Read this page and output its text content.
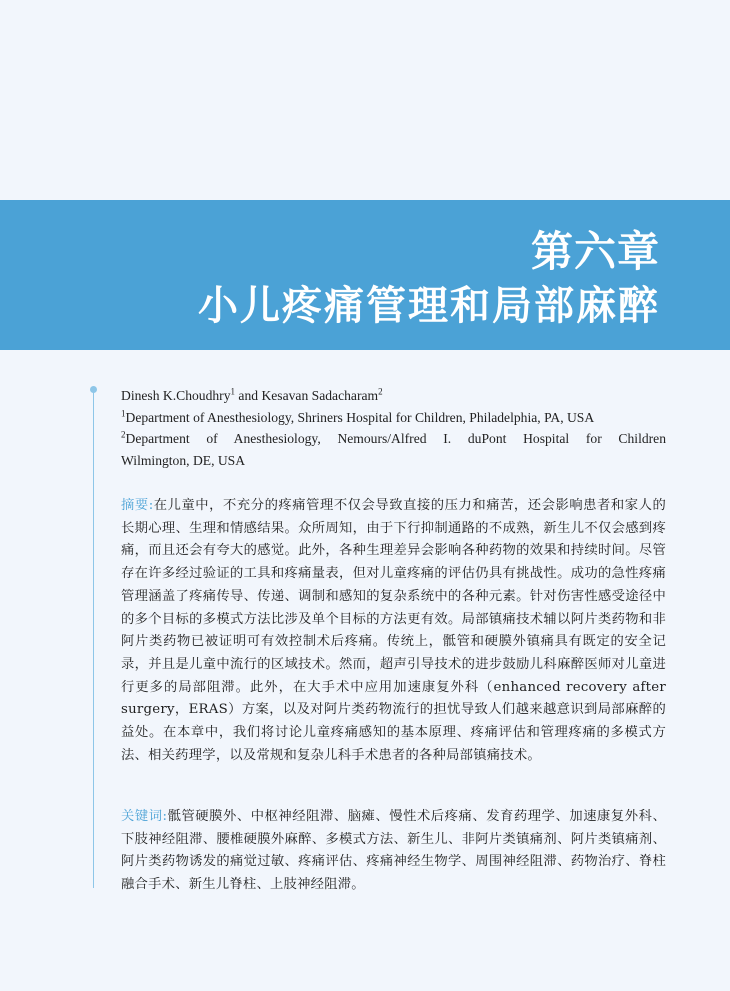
第六章
小儿疼痛管理和局部麻醉

Dinesh K.Choudhry$^1$ and Kesavan Sadacharam$^2$

$^1$Department of Anesthesiology, Shriners Hospital for Children, Philadelphia, PA, USA

$^2$Department of Anesthesiology, Nemours/Alfred I. duPont Hospital for Children

Wilmington, DE, USA

摘要:在儿童中，不充分的疼痛管理不仅会导致直接的压力和痛苦，还会影响患者和家人的长期心理、生理和情感结果。众所周知，由于下行抑制通路的不成熟，新生儿不仅会感到疼痛，而且还会有夸大的感觉。此外，各种生理差异会影响各种药物的效果和持续时间。尽管存在许多经过验证的工具和疼痛量表，但对儿童疼痛的评估仍具有挑战性。成功的急性疼痛管理涵盖了疼痛传导、传递、调制和感知的复杂系统中的各种元素。针对伤害性感受途径中的多个目标的多模式方法比涉及单个目标的方法更有效。局部镇痛技术辅以阿片类药物和非阿片类药物已被证明可有效控制术后疼痛。传统上，骶管和硬膜外镇痛具有既定的安全记录，并且是儿童中流行的区域技术。然而，超声引导技术的进步鼓励儿科麻醉医师对儿童进行更多的局部阻滞。此外，在大手术中应用加速康复外科（enhanced recovery after surgery，ERAS）方案，以及对阿片类药物流行的担忧导致人们越来越意识到局部麻醉的益处。在本章中，我们将讨论儿童疼痛感知的基本原理、疼痛评估和管理疼痛的多模式方法、相关药理学，以及常规和复杂儿科手术患者的各种局部镇痛技术。
关键词:骶管硬膜外、中枢神经阻滞、脑瘫、慢性术后疼痛、发育药理学、加速康复外科、下肢神经阻滞、腰椎硬膜外麻醉、多模式方法、新生儿、非阿片类镇痛剂、阿片类镇痛剂、阿片类药物诱发的痛觉过敏、疼痛评估、疼痛神经生物学、周围神经阻滞、药物治疗、脊柱融合手术、新生儿脊柱、上肢神经阻滞。
